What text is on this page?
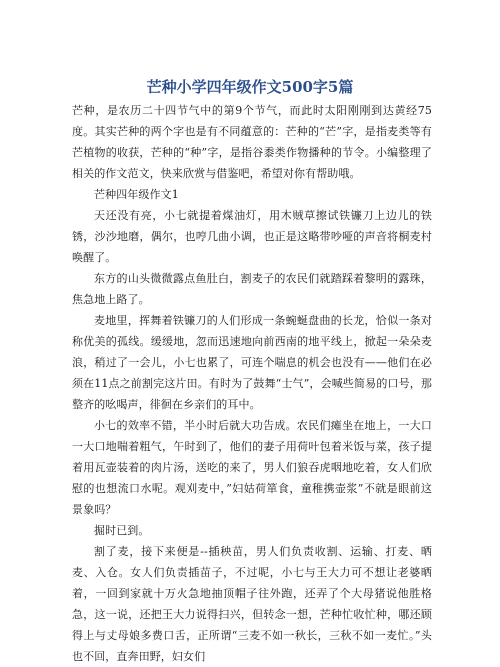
芒种小学四年级作文500字5篇

芒种，是农历二十四节气中的第9个节气，而此时太阳刚刚到达黄经75度。其实芒种的两个字也是有不同蕴意的：芒种的“芒”字，是指麦类等有芒植物的收获，芒种的“种”字，是指谷黍类作物播种的节令。小编整理了相关的作文范文，快来欣赏与借鉴吧，希望对你有帮助哦。

芒种四年级作文1

天还没有亮，小七就提着煤油灯，用木贼草擦试铁镰刀上边儿的铁锈，沙沙地磨，偶尔，也哼几曲小调，也正是这略带吵哑的声音将桐麦村唤醒了。

东方的山头微微露点鱼肚白，割麦子的农民们就踏踩着黎明的露珠，焦急地上路了。

麦地里，挥舞着铁镰刀的人们形成一条蜿蜒盘曲的长龙，恰似一条对称优美的孤线。缓缓地，忽而迅速地向前西南的地平线上，掀起一朵朵麦浪，稍过了一会儿，小七也累了，可连个喘息的机会也没有——他们在必须在11点之前割完这片田。有时为了鼓舞“士气”，会喊些简易的口号，那整齐的吆喝声，徘徊在乡亲们的耳中。

小七的效率不错，半小时后就大功告成。农民们瘫坐在地上，一大口一大口地喘着粗气，午时到了，他们的妻子用荷叶包着米饭与菜，孩子提着用瓦壶装着的肉片汤，送吃的来了，男人们狼吞虎咽地吃着，女人们欣慰的也想流口水呢。观刈麦中，”妇姑荷箪食，童稚携壶浆”不就是眼前这景象吗？

掘时已到。

割了麦，接下来便是--插秧苗，男人们负责收割、运输、打麦、晒麦、入仓。女人们负责插苗子，不过呢，小七与王大力可不想让老婆晒着，一回到家就十万火急地抽顶帽子往外跑，还弄了个大母猪说他胜格急，这一说，还把王大力说得扫兴，但转念一想，芒种忙收忙种，哪还顾得上与丈母娘多费口舌，正所谓“三麦不如一秋长，三秋不如一麦忙。”头也不回，直奔田野，妇女们
